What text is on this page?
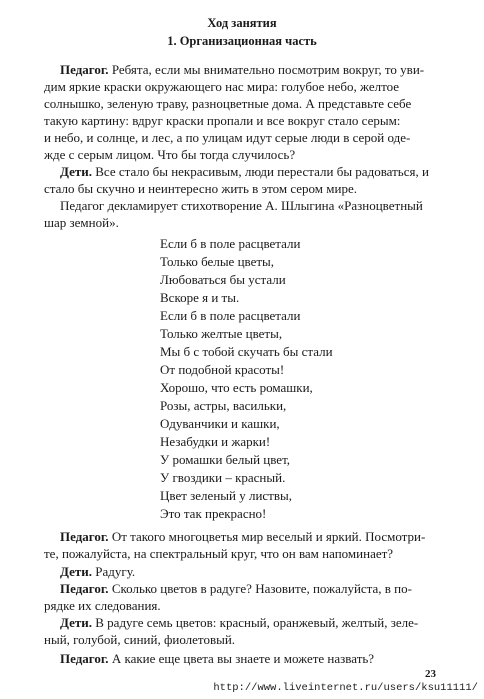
Ход занятия
1. Организационная часть
Педагог. Ребята, если мы внимательно посмотрим вокруг, то уви-
дим яркие краски окружающего нас мира: голубое небо, желтое
солнышко, зеленую траву, разноцветные дома. А представьте себе
такую картину: вдруг краски пропали и все вокруг стало серым:
и небо, и солнце, и лес, а по улицам идут серые люди в серой оде-
жде с серым лицом. Что бы тогда случилось?
Дети. Все стало бы некрасивым, люди перестали бы радоваться, и
стало бы скучно и неинтересно жить в этом сером мире.
Педагог декламирует стихотворение А. Шлыгина «Разноцветный
шар земной».
Если б в поле расцветали
Только белые цветы,
Любоваться бы устали
Вскоре я и ты.
Если б в поле расцветали
Только желтые цветы,
Мы б с тобой скучать бы стали
От подобной красоты!
Хорошо, что есть ромашки,
Розы, астры, васильки,
Одуванчики и кашки,
Незабудки и жарки!
У ромашки белый цвет,
У гвоздики – красный.
Цвет зеленый у листвы,
Это так прекрасно!
Педагог. От такого многоцветья мир веселый и яркий. Посмотри-
те, пожалуйста, на спектральный круг, что он вам напоминает?
Дети. Радугу.
Педагог. Сколько цветов в радуге? Назовите, пожалуйста, в по-
рядке их следования.
Дети. В радуге семь цветов: красный, оранжевый, желтый, зеле-
ный, голубой, синий, фиолетовый.
Педагог. А какие еще цвета вы знаете и можете назвать?
23
http://www.liveinternet.ru/users/ksu11111/
